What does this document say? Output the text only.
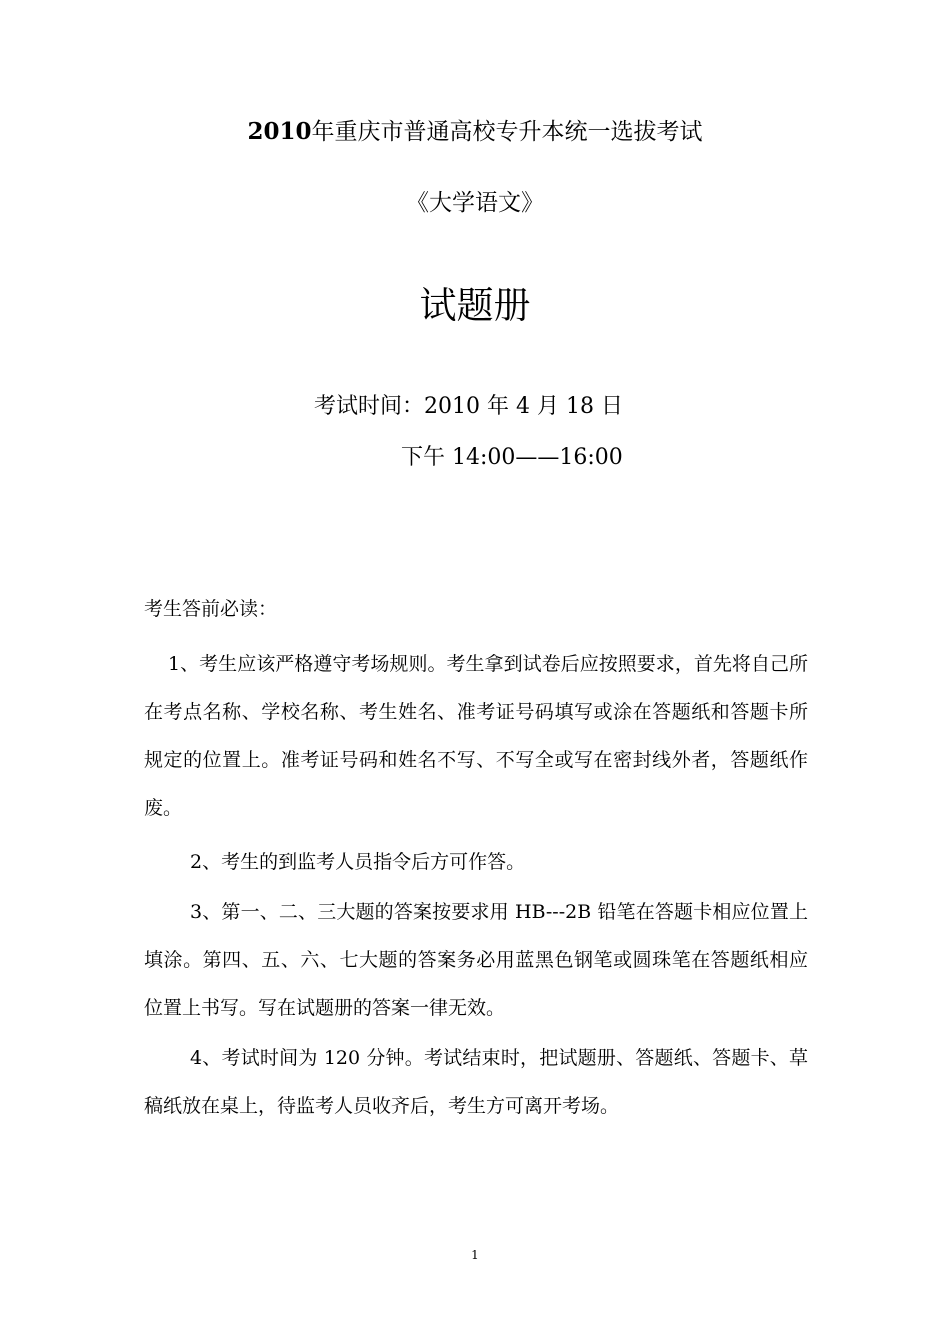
2010年重庆市普通高校专升本统一选拔考试
《大学语文》
试题册
考试时间：2010 年 4 月 18 日
下午 14:00——16:00
考生答前必读：
1、考生应该严格遵守考场规则。考生拿到试卷后应按照要求，首先将自己所在考点名称、学校名称、考生姓名、准考证号码填写或涂在答题纸和答题卡所规定的位置上。准考证号码和姓名不写、不写全或写在密封线外者，答题纸作废。
2、考生的到监考人员指令后方可作答。
3、第一、二、三大题的答案按要求用 HB---2B 铅笔在答题卡相应位置上填涂。第四、五、六、七大题的答案务必用蓝黑色钢笔或圆珠笔在答题纸相应位置上书写。写在试题册的答案一律无效。
4、考试时间为 120 分钟。考试结束时，把试题册、答题纸、答题卡、草稿纸放在桌上，待监考人员收齐后，考生方可离开考场。
1
